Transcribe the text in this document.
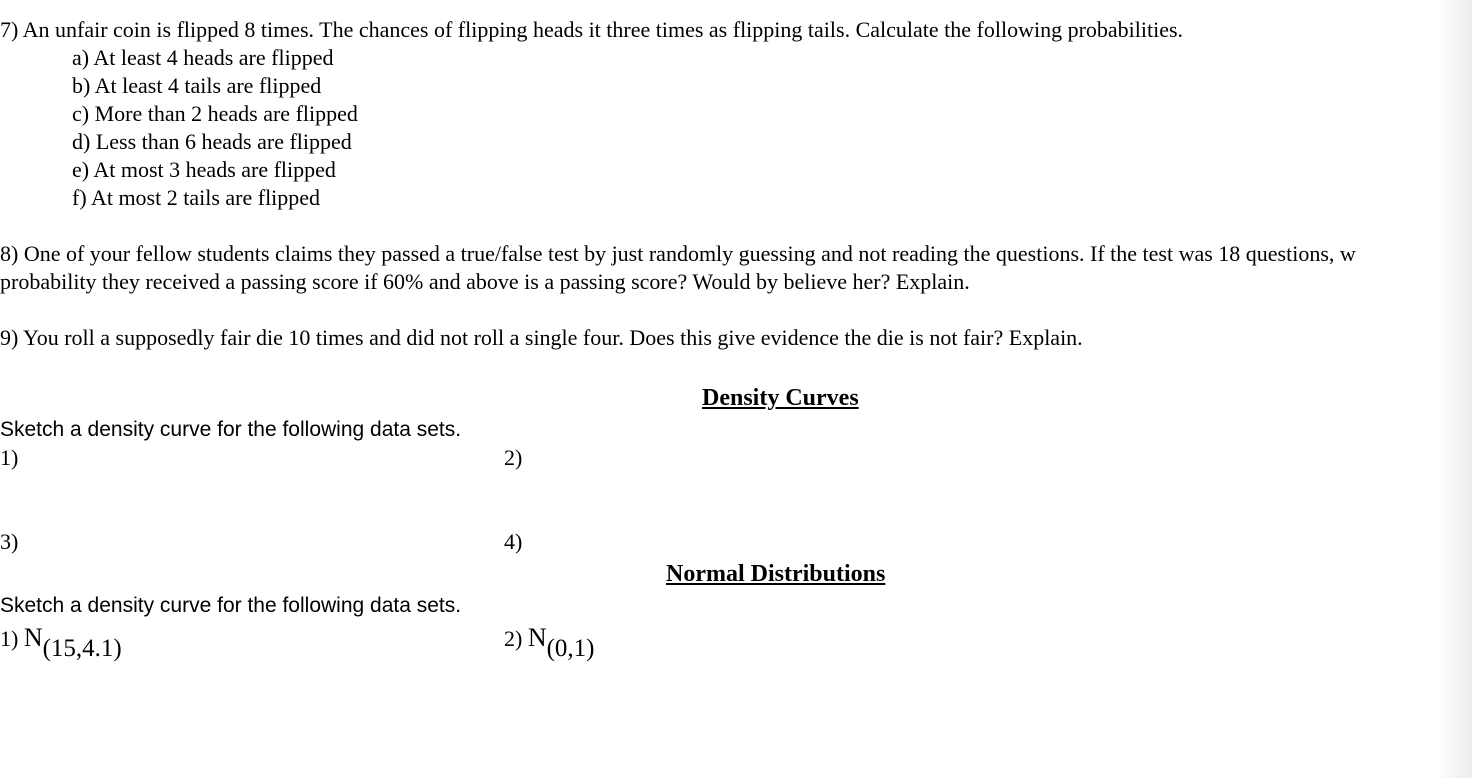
7) An unfair coin is flipped 8 times. The chances of flipping heads it three times as flipping tails. Calculate the following probabilities.
a) At least 4 heads are flipped
b) At least 4 tails are flipped
c) More than 2 heads are flipped
d) Less than 6 heads are flipped
e) At most 3 heads are flipped
f) At most 2 tails are flipped
8) One of your fellow students claims they passed a true/false test by just randomly guessing and not reading the questions. If the test was 18 questions, w
probability they received a passing score if 60% and above is a passing score? Would by believe her? Explain.
9) You roll a supposedly fair die 10 times and did not roll a single four. Does this give evidence the die is not fair? Explain.
Density Curves
Sketch a density curve for the following data sets.
1)	2)
3)	4)
Normal Distributions
Sketch a density curve for the following data sets.
1) N(15,4.1)	2) N(0,1)
